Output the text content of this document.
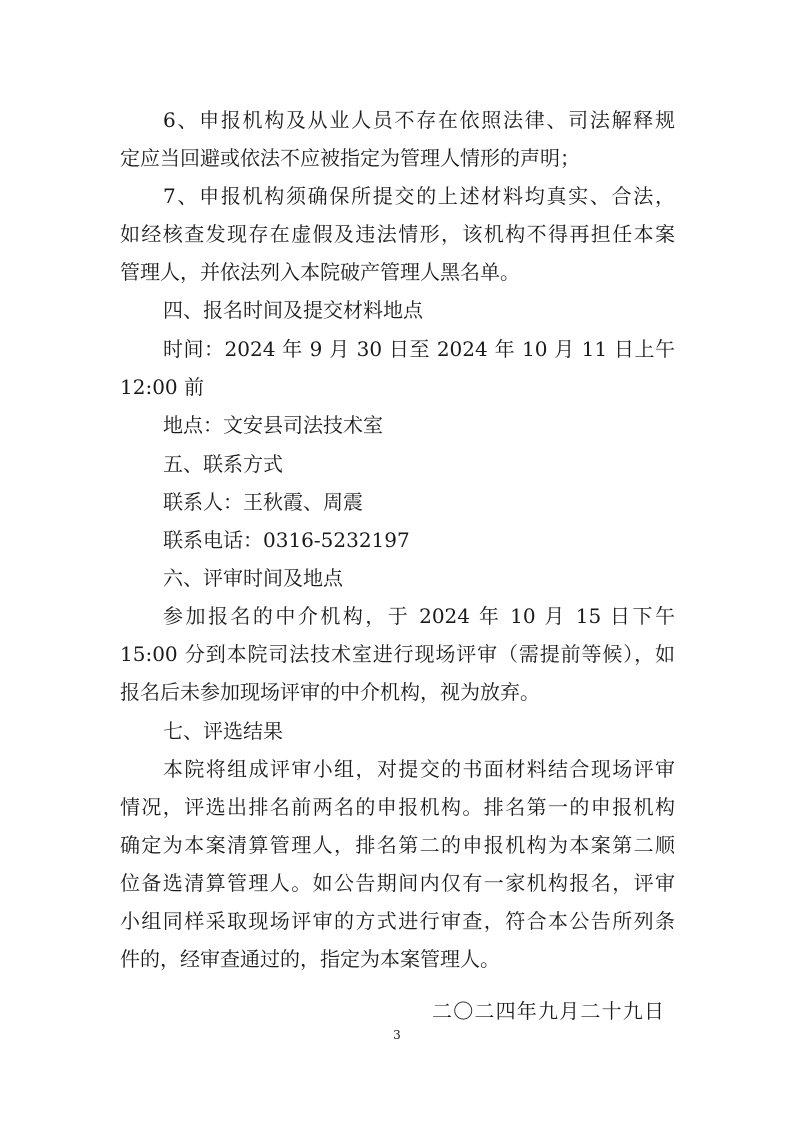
6、申报机构及从业人员不存在依照法律、司法解释规
定应当回避或依法不应被指定为管理人情形的声明；
7、申报机构须确保所提交的上述材料均真实、合法，
如经核查发现存在虚假及违法情形，该机构不得再担任本案
管理人，并依法列入本院破产管理人黑名单。
四、报名时间及提交材料地点
时间：2024 年 9 月 30 日至 2024 年 10 月 11 日上午
12:00 前
地点：文安县司法技术室
五、联系方式
联系人：王秋霞、周震
联系电话：0316-5232197
六、评审时间及地点
参加报名的中介机构，于 2024 年 10 月 15 日下午
15:00 分到本院司法技术室进行现场评审（需提前等候），如
报名后未参加现场评审的中介机构，视为放弃。
七、评选结果
本院将组成评审小组，对提交的书面材料结合现场评审
情况，评选出排名前两名的申报机构。排名第一的申报机构
确定为本案清算管理人，排名第二的申报机构为本案第二顺
位备选清算管理人。如公告期间内仅有一家机构报名，评审
小组同样采取现场评审的方式进行审查，符合本公告所列条
件的，经审查通过的，指定为本案管理人。
二〇二四年九月二十九日
3
